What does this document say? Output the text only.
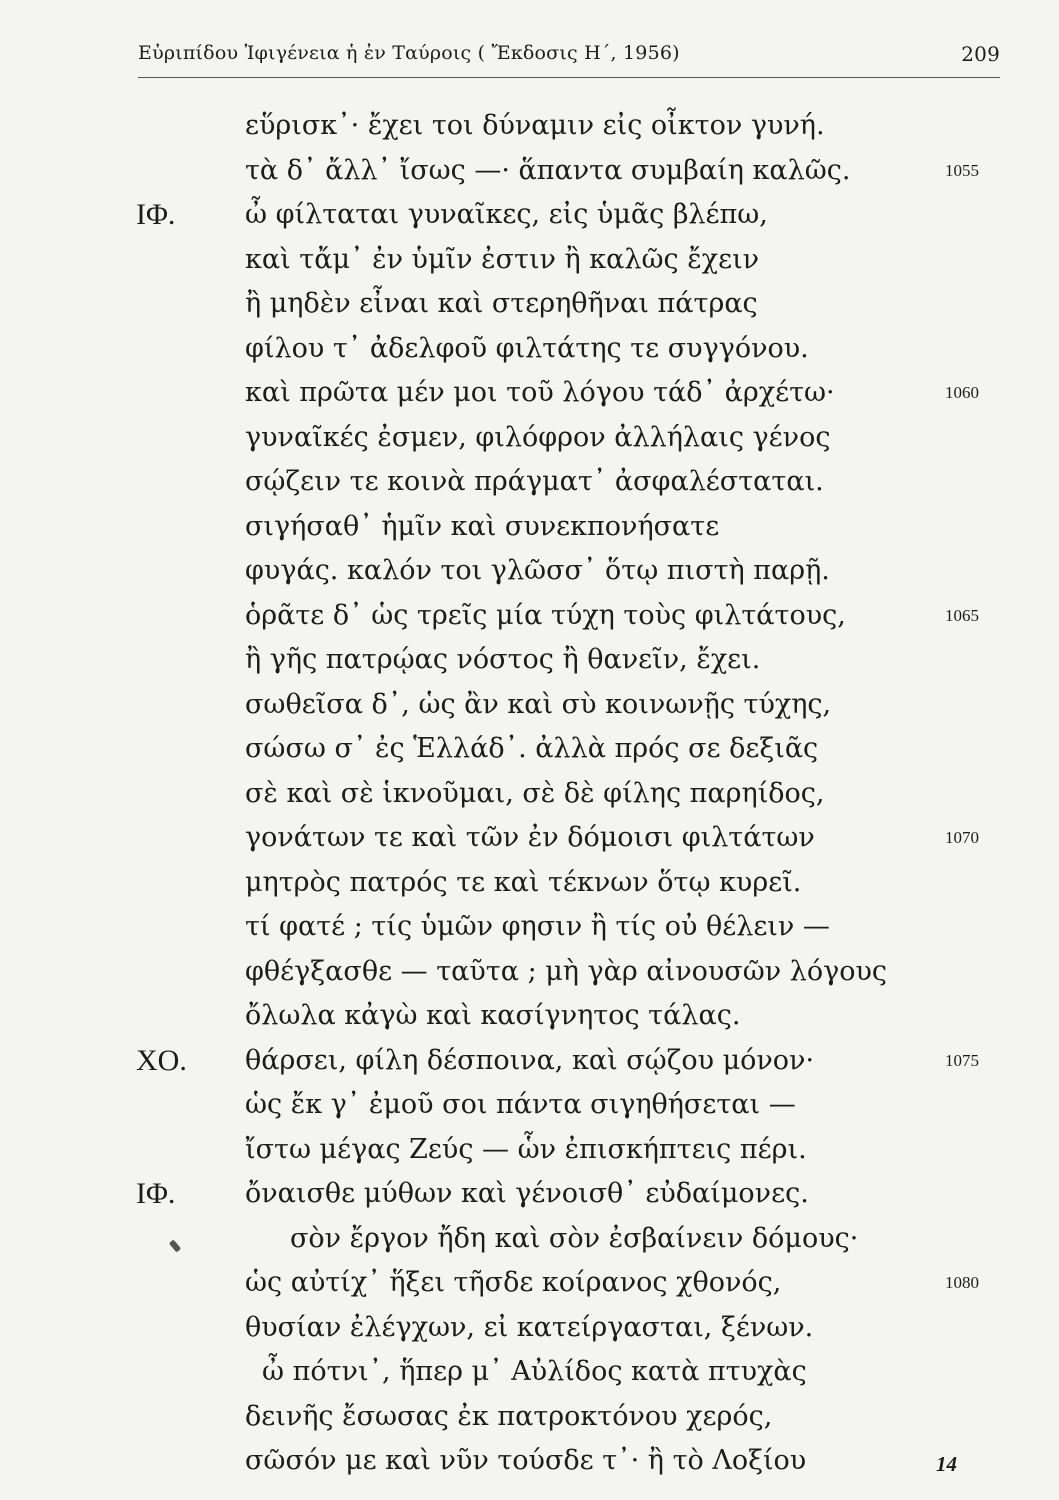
Εὐριπίδου Ἰφιγένεια ἡ ἐν Ταύροις ( Ἔκδοσις Η΄, 1956)	209
εὕρισκ᾽· ἔχει τοι δύναμιν εἰς οἶκτον γυνή.
τὰ δ᾽ ἄλλ᾽ ἴσως —· ἅπαντα συμβαίη καλῶς.	1055
ΙΦ.	ὦ φίλταται γυναῖκες, εἰς ὑμᾶς βλέπω,
καὶ τἄμ᾽ ἐν ὑμῖν ἐστιν ἢ καλῶς ἔχειν
ἢ μηδὲν εἶναι καὶ στερηθῆναι πάτρας
φίλου τ᾽ ἀδελφοῦ φιλτάτης τε συγγόνου.
καὶ πρῶτα μέν μοι τοῦ λόγου τάδ᾽ ἀρχέτω·	1060
γυναῖκές ἐσμεν, φιλόφρον ἀλλήλαις γένος
σῴζειν τε κοινὰ πράγματ᾽ ἀσφαλέσταται.
σιγήσαθ᾽ ἡμῖν καὶ συνεκπονήσατε
φυγάς. καλόν τοι γλῶσσ᾽ ὅτῳ πιστὴ παρῇ.
ὁρᾶτε δ᾽ ὡς τρεῖς μία τύχη τοὺς φιλτάτους,	1065
ἢ γῆς πατρῴας νόστος ἢ θανεῖν, ἔχει.
σωθεῖσα δ᾽, ὡς ἂν καὶ σὺ κοινωνῇς τύχης,
σώσω σ᾽ ἐς Ἑλλάδ᾽. ἀλλὰ πρός σε δεξιᾶς
σὲ καὶ σὲ ἱκνοῦμαι, σὲ δὲ φίλης παρηίδος,
γονάτων τε καὶ τῶν ἐν δόμοισι φιλτάτων	1070
μητρὸς πατρός τε καὶ τέκνων ὅτῳ κυρεῖ.
τί φατέ ; τίς ὑμῶν φησιν ἢ τίς οὐ θέλειν —
φθέγξασθε — ταῦτα ; μὴ γὰρ αἰνουσῶν λόγους
ὄλωλα κἀγὼ καὶ κασίγνητος τάλας.
ΧΟ. θάρσει, φίλη δέσποινα, καὶ σῴζου μόνον·	1075
ὡς ἔκ γ᾽ ἐμοῦ σοι πάντα σιγηθήσεται —
ἴστω μέγας Ζεύς — ὧν ἐπισκήπτεις πέρι.
ΙΦ.	ὄναισθε μύθων καὶ γένοισθ᾽ εὐδαίμονες.
σὸν ἔργον ἤδη καὶ σὸν ἐσβαίνειν δόμους·
ὡς αὐτίχ᾽ ἥξει τῆσδε κοίρανος χθονός,	1080
θυσίαν ἐλέγχων, εἰ κατείργασται, ξένων.
ὦ πότνι᾽, ἥπερ μ᾽ Αὐλίδος κατὰ πτυχὰς
δεινῆς ἔσωσας ἐκ πατροκτόνου χερός,
σῶσόν με καὶ νῦν τούσδε τ᾽· ἢ τὸ Λοξίου	14
